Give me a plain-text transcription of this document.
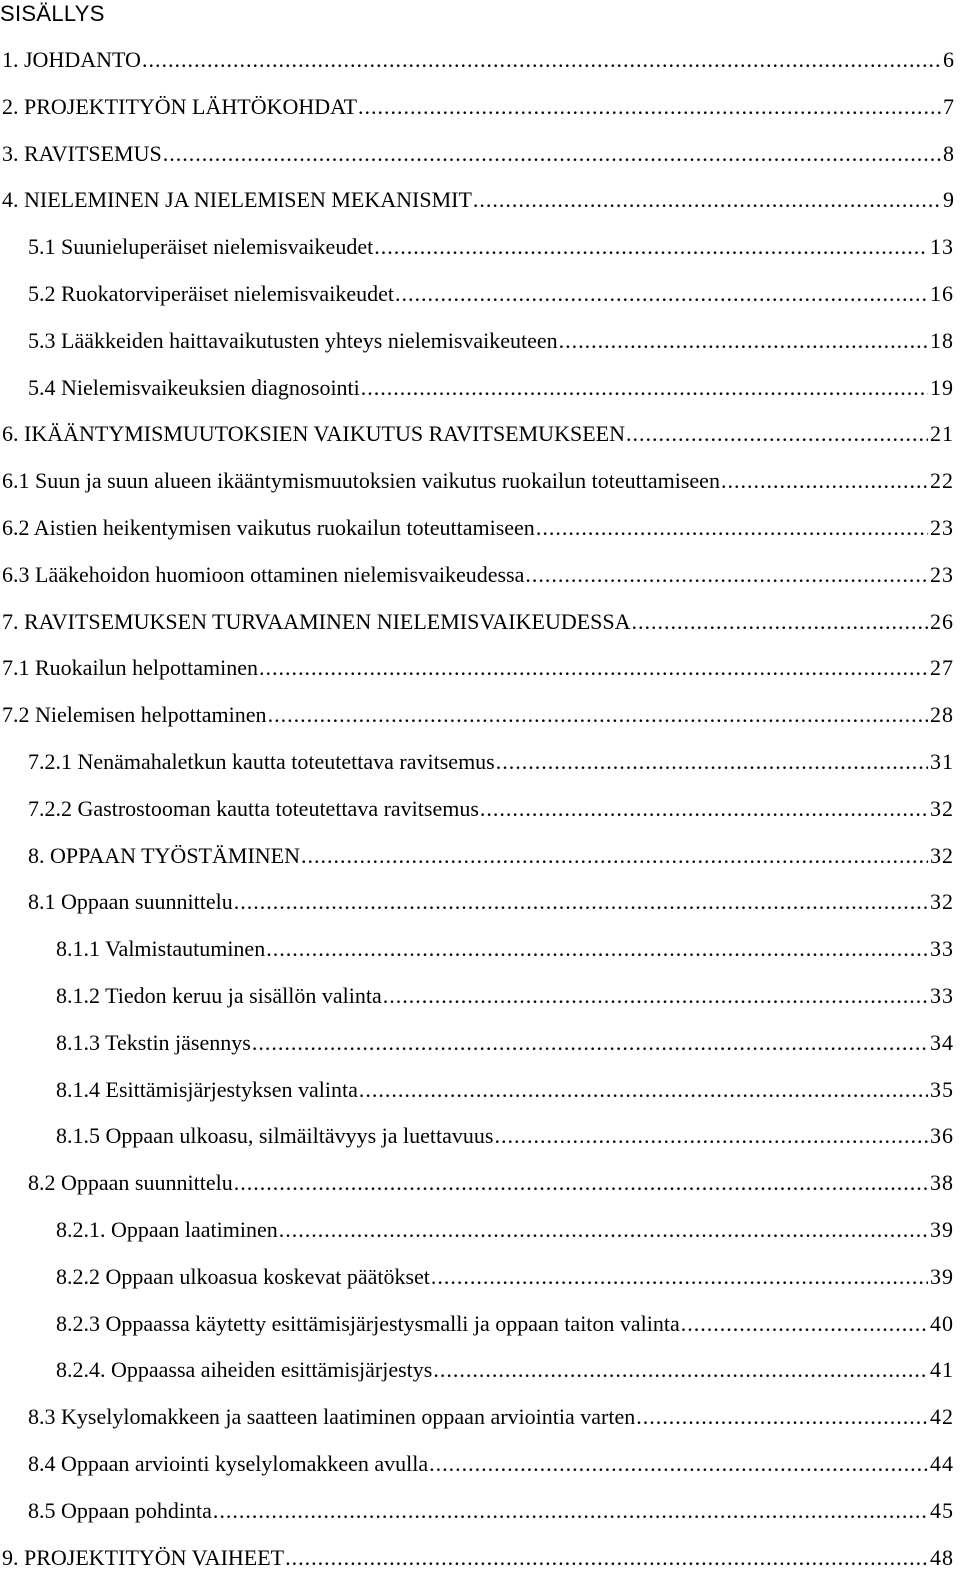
SISÄLLYS
1. JOHDANTO .....	6
2. PROJEKTITYÖN LÄHTÖKOHDAT .....	7
3. RAVITSEMUS .....	8
4. NIELEMINEN JA NIELEMISEN MEKANISMIT .....	9
5.1 Suunieluperäiset nielemisvaikeudet .....	13
5.2 Ruokatorviperäiset nielemisvaikeudet .....	16
5.3 Lääkkeiden haittavaikutusten yhteys nielemisvaikeuteen .....	18
5.4 Nielemisvaikeuksien diagnosointi .....	19
6. IKÄÄNTYMISMUUTOKSIEN VAIKUTUS RAVITSEMUKSEEN .....	21
6.1 Suun ja suun alueen ikääntymismuutoksien vaikutus ruokailun toteuttamiseen .....	22
6.2 Aistien heikentymisen vaikutus ruokailun toteuttamiseen .....	23
6.3 Lääkehoidon huomioon ottaminen nielemisvaikeudessa .....	23
7. RAVITSEMUKSEN TURVAAMINEN NIELEMISVAIKEUDESSA .....	26
7.1 Ruokailun helpottaminen .....	27
7.2 Nielemisen helpottaminen .....	28
7.2.1 Nenämahaletkun kautta toteutettava ravitsemus .....	31
7.2.2 Gastrostooman kautta toteutettava ravitsemus .....	32
8. OPPAAN TYÖSTÄMINEN .....	32
8.1 Oppaan suunnittelu .....	32
8.1.1 Valmistautuminen .....	33
8.1.2 Tiedon keruu ja sisällön valinta .....	33
8.1.3 Tekstin jäsennys .....	34
8.1.4 Esittämisjärjestyksen valinta .....	35
8.1.5 Oppaan ulkoasu, silmäiltävyys ja luettavuus .....	36
8.2 Oppaan suunnittelu .....	38
8.2.1. Oppaan laatiminen .....	39
8.2.2 Oppaan ulkoasua koskevat päätökset .....	39
8.2.3 Oppaassa käytetty esittämisjärjestysmalli ja oppaan taiton valinta .....	40
8.2.4. Oppaassa aiheiden esittämisjärjestys .....	41
8.3 Kyselylomakkeen ja saatteen laatiminen oppaan arviointia varten .....	42
8.4 Oppaan arviointi kyselylomakkeen avulla .....	44
8.5 Oppaan pohdinta .....	45
9. PROJEKTITYÖN VAIHEET .....	48
